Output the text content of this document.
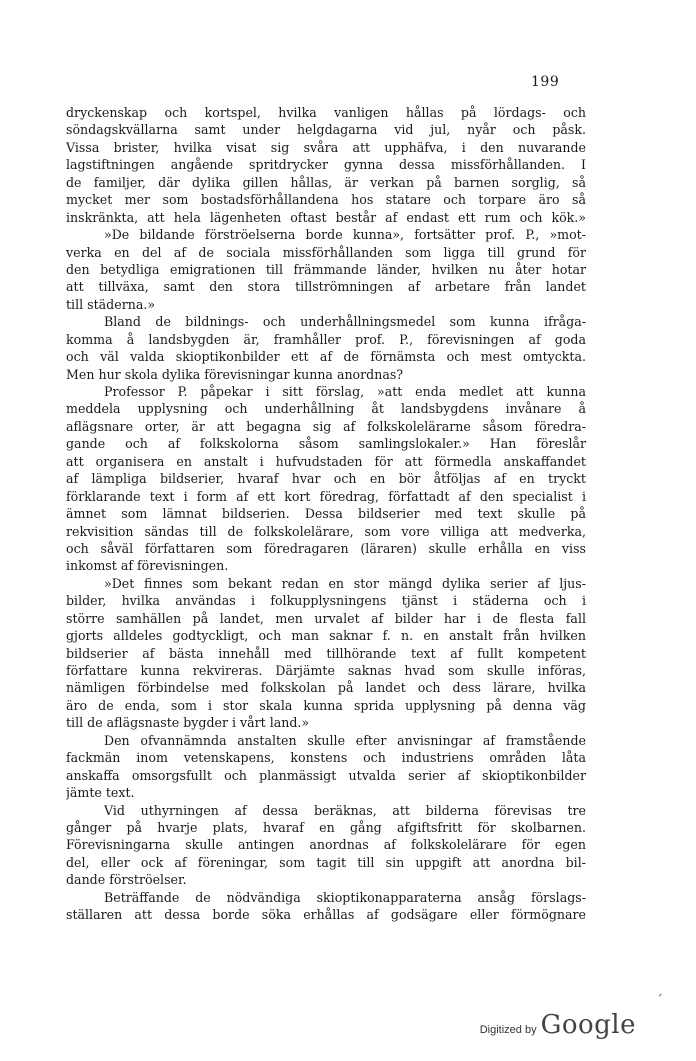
199
dryckenskap och kortspel, hvilka vanligen hållas på lördags- och
söndagskvällarna samt under helgdagarna vid jul, nyår och påsk.
Vissa brister, hvilka visat sig svåra att upphäfva, i den nuvarande
lagstiftningen angående spritdrycker gynna dessa missförhållanden. I
de familjer, där dylika gillen hållas, är verkan på barnen sorglig, så
mycket mer som bostadsförhållandena hos statare och torpare äro så
inskränkta, att hela lägenheten oftast består af endast ett rum och kök.»
»De bildande förströelserna borde kunna», fortsätter prof. P., »mot-
verka en del af de sociala missförhållanden som ligga till grund för
den betydliga emigrationen till främmande länder, hvilken nu åter hotar
att tillväxa, samt den stora tillströmningen af arbetare från landet
till städerna.»
Bland de bildnings- och underhållningsmedel som kunna ifråga-
komma å landsbygden är, framhåller prof. P., förevisningen af goda
och väl valda skioptikonbilder ett af de förnämsta och mest omtyckta.
Men hur skola dylika förevisningar kunna anordnas?
Professor P. påpekar i sitt förslag, »att enda medlet att kunna
meddela upplysning och underhållning åt landsbygdens invånare å
aflägsnare orter, är att begagna sig af folkskolelärarne såsom föredra-
gande och af folkskolorna såsom samlingslokaler.» Han föreslår
att organisera en anstalt i hufvudstaden för att förmedla anskaffandet
af lämpliga bildserier, hvaraf hvar och en bör åtföljas af en tryckt
förklarande text i form af ett kort föredrag, författadt af den specialist i
ämnet som lämnat bildserien. Dessa bildserier med text skulle på
rekvisition sändas till de folkskolelärare, som vore villiga att medverka,
och såväl författaren som föredragaren (läraren) skulle erhålla en viss
inkomst af förevisningen.
»Det finnes som bekant redan en stor mängd dylika serier af ljus-
bilder, hvilka användas i folkupplysningens tjänst i städerna och i
större samhällen på landet, men urvalet af bilder har i de flesta fall
gjorts alldeles godtyckligt, och man saknar f. n. en anstalt från hvilken
bildserier af bästa innehåll med tillhörande text af fullt kompetent
författare kunna rekvireras. Därjämte saknas hvad som skulle införas,
nämligen förbindelse med folkskolan på landet och dess lärare, hvilka
äro de enda, som i stor skala kunna sprida upplysning på denna väg
till de aflägsnaste bygder i vårt land.»
Den ofvannämnda anstalten skulle efter anvisningar af framstående
fackmän inom vetenskapens, konstens och industriens områden låta
anskaffa omsorgsfullt och planmässigt utvalda serier af skioptikonbilder
jämte text.
Vid uthyrningen af dessa beräknas, att bilderna förevisas tre
gånger på hvarje plats, hvaraf en gång afgiftsfritt för skolbarnen.
Förevisningarna skulle antingen anordnas af folkskolelärare för egen
del, eller ock af föreningar, som tagit till sin uppgift att anordna bil-
dande förströelser.
Beträffande de nödvändiga skioptikonapparaterna ansåg förslags-
ställaren att dessa borde söka erhållas af godsägare eller förmögnare
ˊ
Digitized by Google
